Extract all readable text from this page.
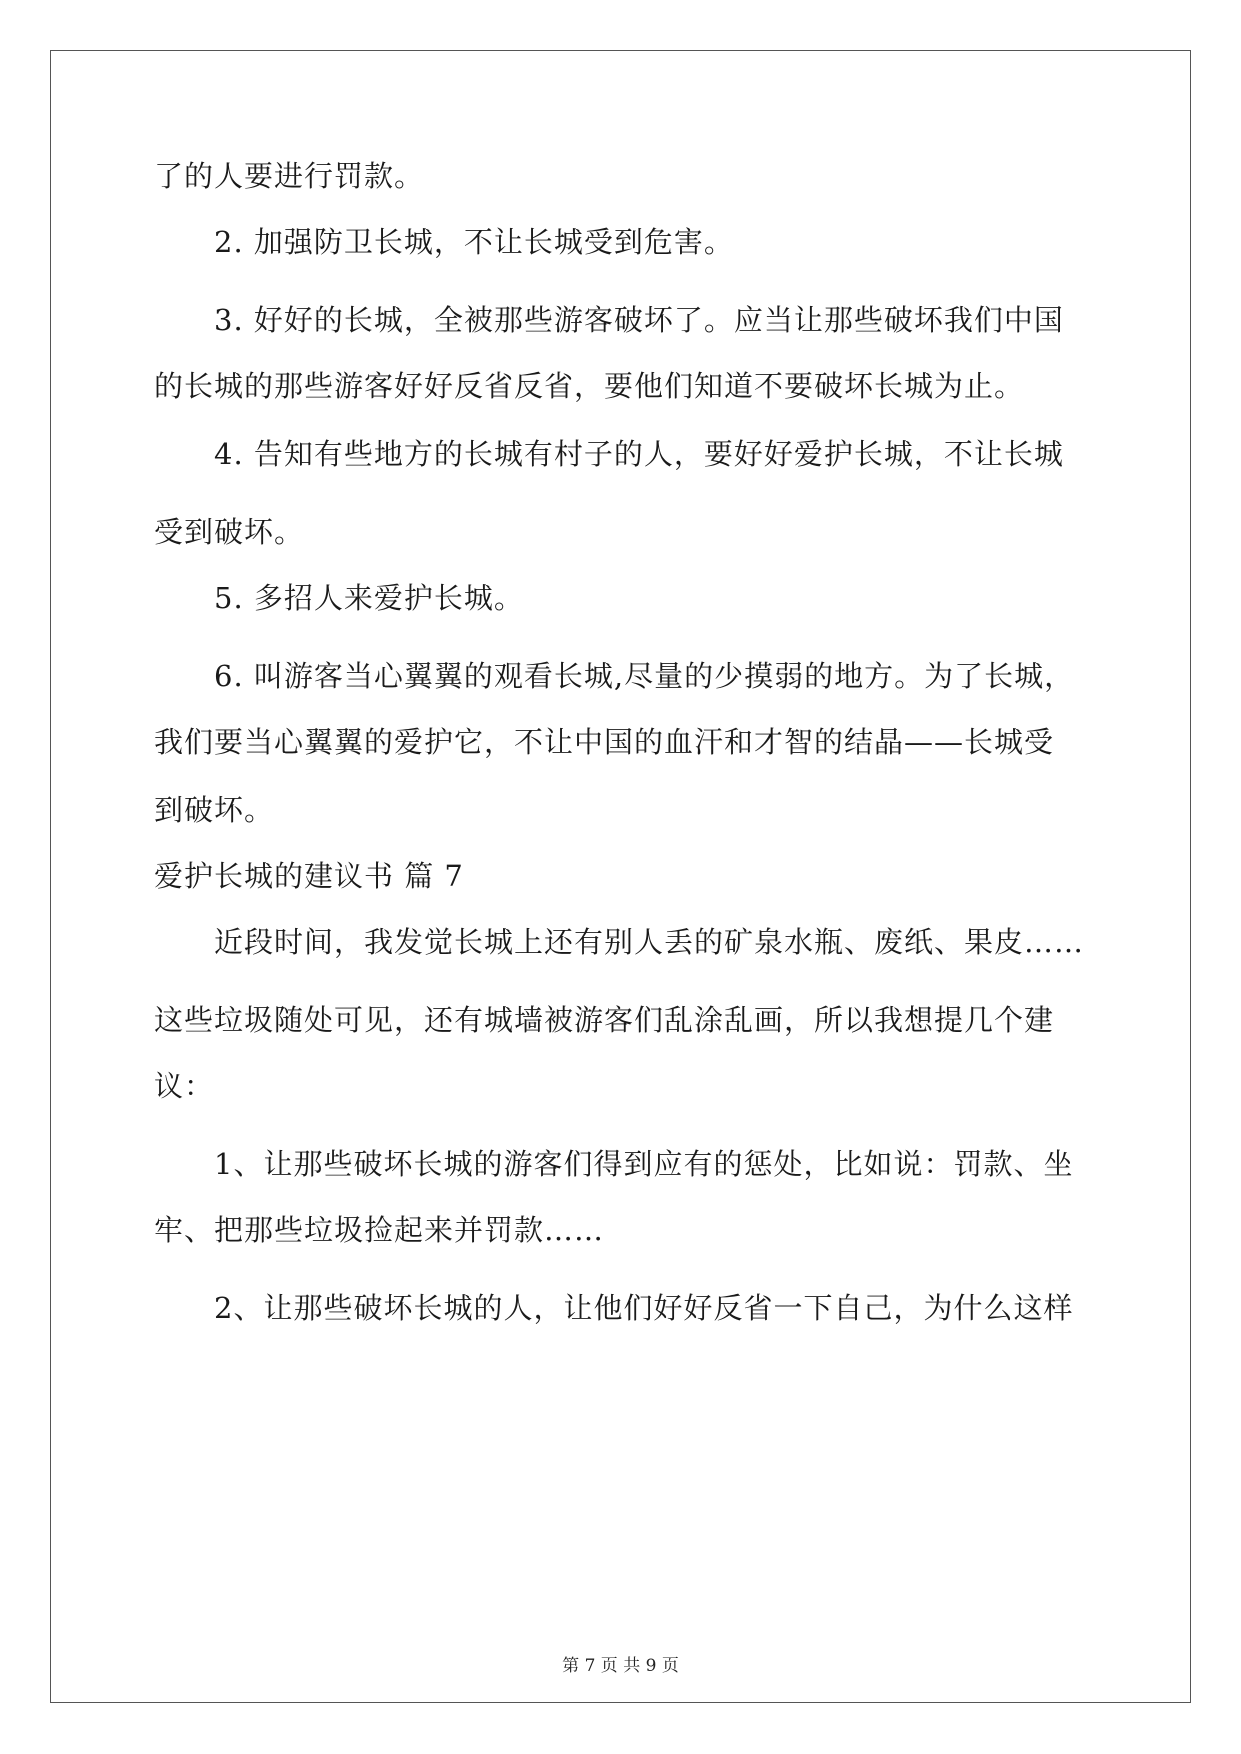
了的人要进行罚款。
2. 加强防卫长城，不让长城受到危害。
3. 好好的长城，全被那些游客破坏了。应当让那些破坏我们中国
的长城的那些游客好好反省反省，要他们知道不要破坏长城为止。
4. 告知有些地方的长城有村子的人，要好好爱护长城，不让长城
受到破坏。
5. 多招人来爱护长城。
6. 叫游客当心翼翼的观看长城,尽量的少摸弱的地方。为了长城，
我们要当心翼翼的爱护它，不让中国的血汗和才智的结晶——长城受
到破坏。
爱护长城的建议书 篇 7
近段时间，我发觉长城上还有别人丢的矿泉水瓶、废纸、果皮……
这些垃圾随处可见，还有城墙被游客们乱涂乱画，所以我想提几个建
议：
1、让那些破坏长城的游客们得到应有的惩处，比如说：罚款、坐
牢、把那些垃圾捡起来并罚款……
2、让那些破坏长城的人，让他们好好反省一下自己，为什么这样
第 7 页 共 9 页
